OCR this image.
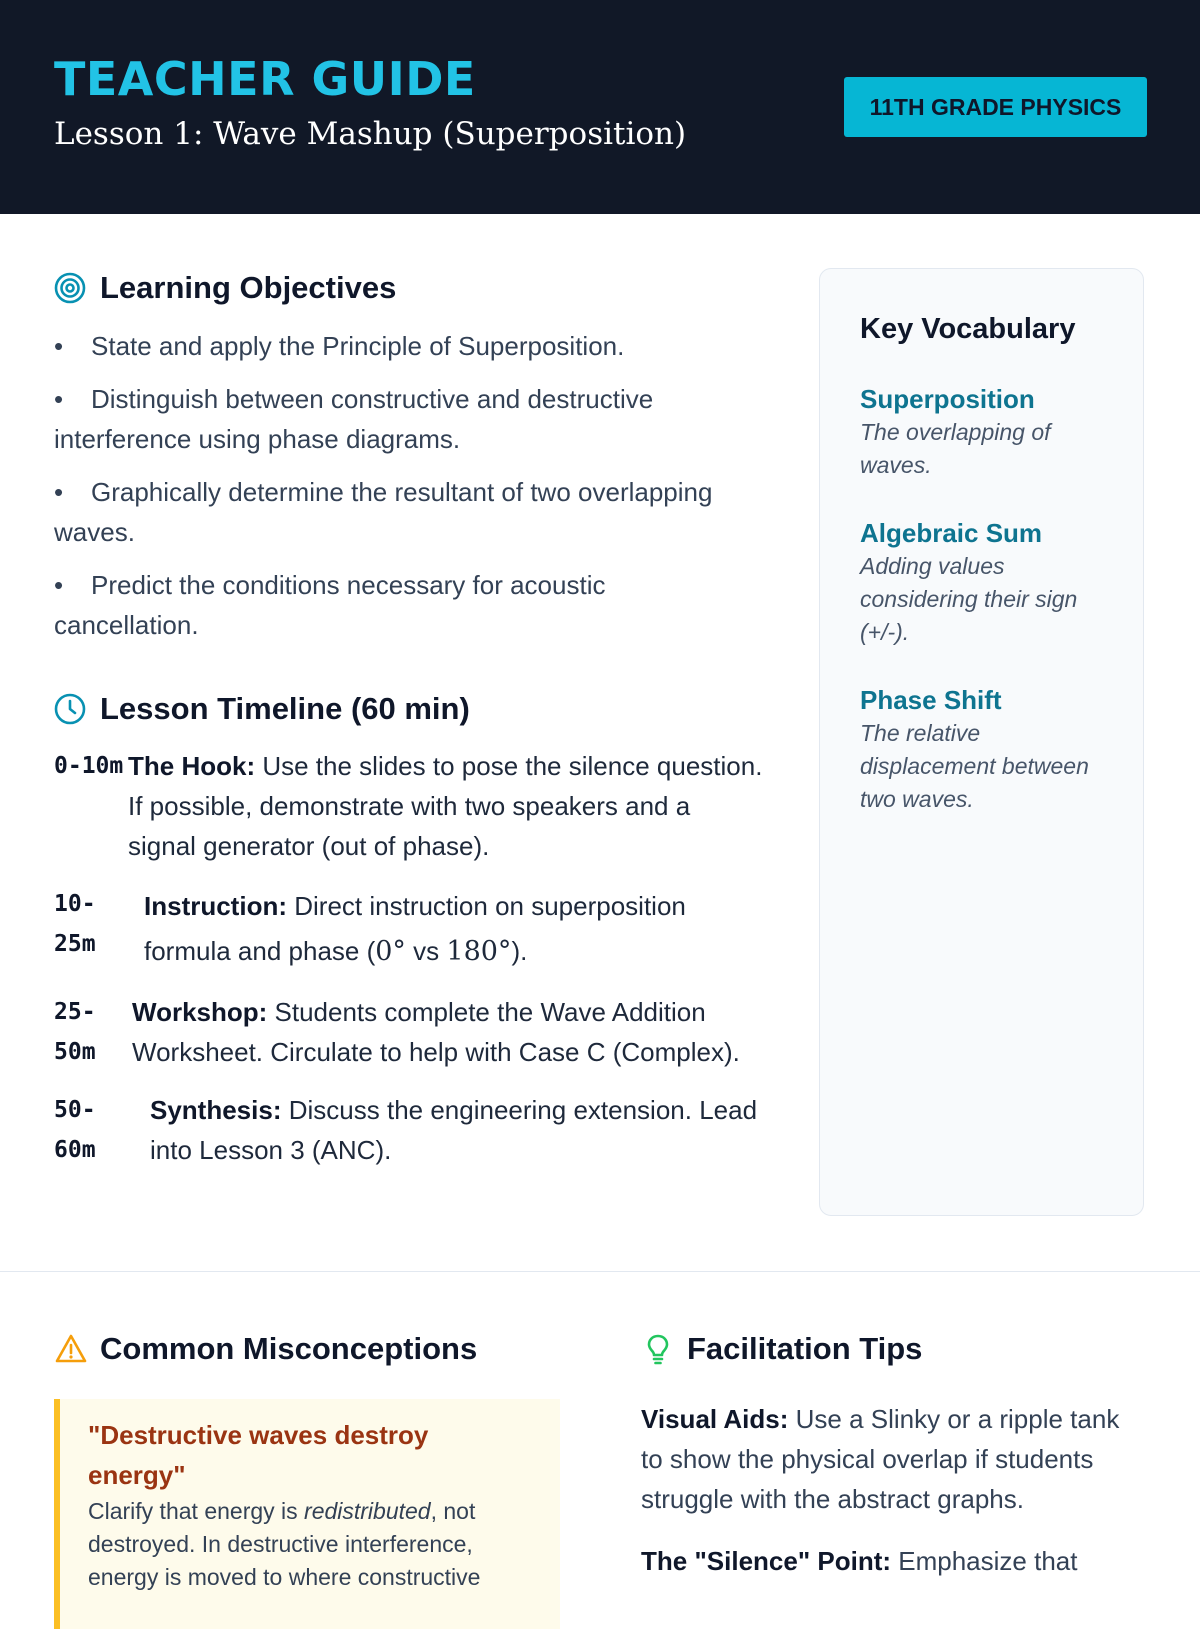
TEACHER GUIDE
Lesson 1: Wave Mashup (Superposition)
11TH GRADE PHYSICS
Learning Objectives
• State and apply the Principle of Superposition.
• Distinguish between constructive and destructive interference using phase diagrams.
• Graphically determine the resultant of two overlapping waves.
• Predict the conditions necessary for acoustic cancellation.
Lesson Timeline (60 min)
0-10m The Hook: Use the slides to pose the silence question. If possible, demonstrate with two speakers and a signal generator (out of phase).
10-25m
Instruction: Direct instruction on superposition formula and phase (0° vs 180°).
25-50m
Workshop: Students complete the Wave Addition Worksheet. Circulate to help with Case C (Complex).
50-60m
Synthesis: Discuss the engineering extension. Lead into Lesson 3 (ANC).
Key Vocabulary
Superposition
The overlapping of waves.
Algebraic Sum
Adding values considering their sign (+/-).
Phase Shift
The relative displacement between two waves.
Common Misconceptions

"Destructive waves destroy energy"

Clarify that energy is redistributed, not destroyed. In destructive interference, energy is moved to where constructive
Facilitation Tips

Visual Aids: Use a Slinky or a ripple tank to show the physical overlap if students struggle with the abstract graphs.

The "Silence" Point: Emphasize that
